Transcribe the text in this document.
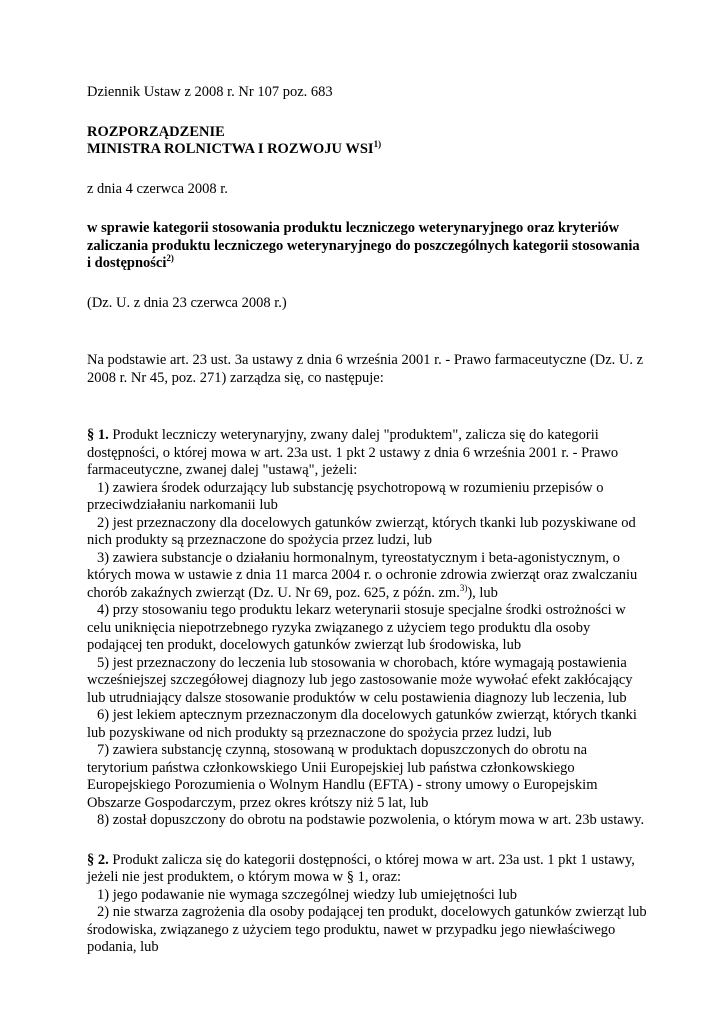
Dziennik Ustaw z 2008 r. Nr 107 poz. 683

ROZPORZĄDZENIE

MINISTRA ROLNICTWA I ROZWOJU WSI$^{1)}$

z dnia 4 czerwca 2008 r.

w sprawie kategorii stosowania produktu leczniczego weterynaryjnego oraz kryteriów zaliczania produktu leczniczego weterynaryjnego do poszczególnych kategorii stosowania i dostępności$^{2)}$

(Dz. U. z dnia 23 czerwca 2008 r.)

Na podstawie art. 23 ust. 3a ustawy z dnia 6 września 2001 r. - Prawo farmaceutyczne (Dz. U. z 2008 r. Nr 45, poz. 271) zarządza się, co następuje:

§ 1. Produkt leczniczy weterynaryjny, zwany dalej "produktem", zalicza się do kategorii dostępności, o której mowa w art. 23a ust. 1 pkt 2 ustawy z dnia 6 września 2001 r. - Prawo farmaceutyczne, zwanej dalej "ustawą", jeżeli:

1) zawiera środek odurzający lub substancję psychotropową w rozumieniu przepisów o przeciwdziałaniu narkomanii lub

2) jest przeznaczony dla docelowych gatunków zwierząt, których tkanki lub pozyskiwane od nich produkty są przeznaczone do spożycia przez ludzi, lub

3) zawiera substancje o działaniu hormonalnym, tyreostatycznym i beta-agonistycznym, o których mowa w ustawie z dnia 11 marca 2004 r. o ochronie zdrowia zwierząt oraz zwalczaniu chorób zakaźnych zwierząt (Dz. U. Nr 69, poz. 625, z późn. zm.$^{3)}$), lub

4) przy stosowaniu tego produktu lekarz weterynarii stosuje specjalne środki ostrożności w celu uniknięcia niepotrzebnego ryzyka związanego z użyciem tego produktu dla osoby podającej ten produkt, docelowych gatunków zwierząt lub środowiska, lub

5) jest przeznaczony do leczenia lub stosowania w chorobach, które wymagają postawienia wcześniejszej szczegółowej diagnozy lub jego zastosowanie może wywołać efekt zakłócający lub utrudniający dalsze stosowanie produktów w celu postawienia diagnozy lub leczenia, lub

6) jest lekiem aptecznym przeznaczonym dla docelowych gatunków zwierząt, których tkanki lub pozyskiwane od nich produkty są przeznaczone do spożycia przez ludzi, lub

7) zawiera substancję czynną, stosowaną w produktach dopuszczonych do obrotu na terytorium państwa członkowskiego Unii Europejskiej lub państwa członkowskiego Europejskiego Porozumienia o Wolnym Handlu (EFTA) - strony umowy o Europejskim Obszarze Gospodarczym, przez okres krótszy niż 5 lat, lub

8) został dopuszczony do obrotu na podstawie pozwolenia, o którym mowa w art. 23b ustawy.

§ 2. Produkt zalicza się do kategorii dostępności, o której mowa w art. 23a ust. 1 pkt 1 ustawy, jeżeli nie jest produktem, o którym mowa w § 1, oraz:

1) jego podawanie nie wymaga szczególnej wiedzy lub umiejętności lub

2) nie stwarza zagrożenia dla osoby podającej ten produkt, docelowych gatunków zwierząt lub środowiska, związanego z użyciem tego produktu, nawet w przypadku jego niewłaściwego podania, lub
